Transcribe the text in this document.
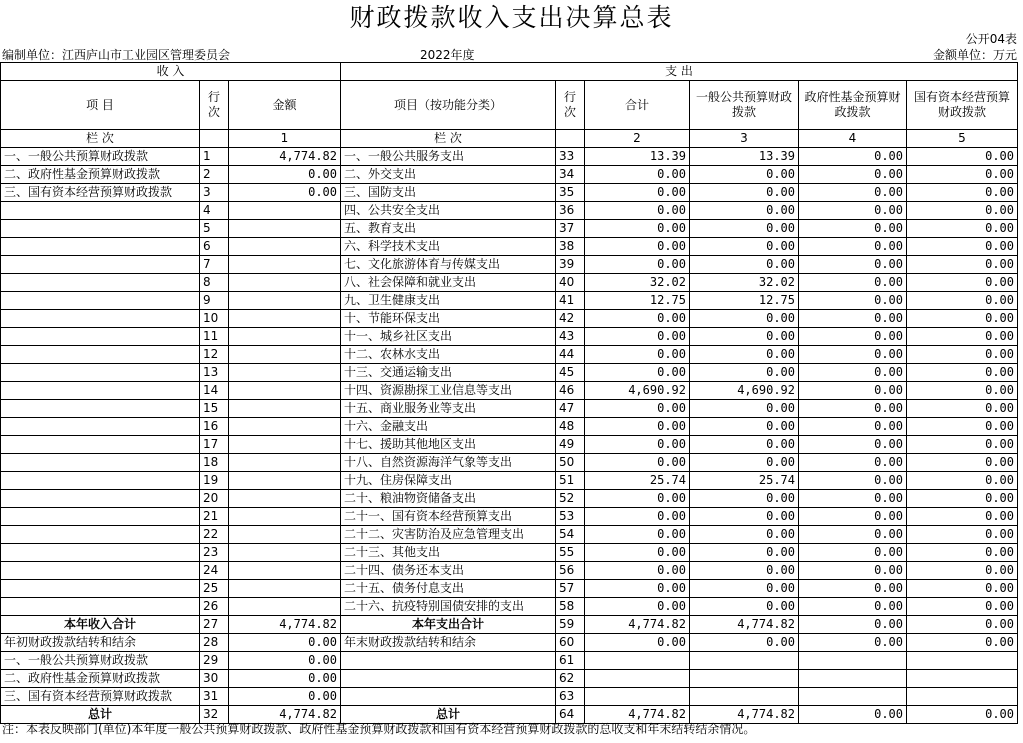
财政拨款收入支出决算总表
公开04表
编制单位：江西庐山市工业园区管理委员会	2022年度	金额单位：万元
收 入			支 出					
项 目	行次	金额	项目（按功能分类）	行次	合计	一般公共预算财政拨款	政府性基金预算财政拨款	国有资本经营预算财政拨款
栏 次		1	栏 次		2	3	4	5
一、一般公共预算财政拨款	1	4,774.82	一、一般公共服务支出	33	13.39	13.39	0.00	0.00
二、政府性基金预算财政拨款	2	0.00	二、外交支出	34	0.00	0.00	0.00	0.00
三、国有资本经营预算财政拨款	3	0.00	三、国防支出	35	0.00	0.00	0.00	0.00
	4		四、公共安全支出	36	0.00	0.00	0.00	0.00
	5		五、教育支出	37	0.00	0.00	0.00	0.00
	6		六、科学技术支出	38	0.00	0.00	0.00	0.00
	7		七、文化旅游体育与传媒支出	39	0.00	0.00	0.00	0.00
	8		八、社会保障和就业支出	40	32.02	32.02	0.00	0.00
	9		九、卫生健康支出	41	12.75	12.75	0.00	0.00
	10		十、节能环保支出	42	0.00	0.00	0.00	0.00
	11		十一、城乡社区支出	43	0.00	0.00	0.00	0.00
	12		十二、农林水支出	44	0.00	0.00	0.00	0.00
	13		十三、交通运输支出	45	0.00	0.00	0.00	0.00
	14		十四、资源勘探工业信息等支出	46	4,690.92	4,690.92	0.00	0.00
	15		十五、商业服务业等支出	47	0.00	0.00	0.00	0.00
	16		十六、金融支出	48	0.00	0.00	0.00	0.00
	17		十七、援助其他地区支出	49	0.00	0.00	0.00	0.00
	18		十八、自然资源海洋气象等支出	50	0.00	0.00	0.00	0.00
	19		十九、住房保障支出	51	25.74	25.74	0.00	0.00
	20		二十、粮油物资储备支出	52	0.00	0.00	0.00	0.00
	21		二十一、国有资本经营预算支出	53	0.00	0.00	0.00	0.00
	22		二十二、灾害防治及应急管理支出	54	0.00	0.00	0.00	0.00
	23		二十三、其他支出	55	0.00	0.00	0.00	0.00
	24		二十四、债务还本支出	56	0.00	0.00	0.00	0.00
	25		二十五、债务付息支出	57	0.00	0.00	0.00	0.00
	26		二十六、抗疫特别国债安排的支出	58	0.00	0.00	0.00	0.00
本年收入合计	27	4,774.82	本年支出合计	59	4,774.82	4,774.82	0.00	0.00
年初财政拨款结转和结余	28	0.00	年末财政拨款结转和结余	60	0.00	0.00	0.00	0.00
一、一般公共预算财政拨款	29	0.00		61				
二、政府性基金预算财政拨款	30	0.00		62				
三、国有资本经营预算财政拨款	31	0.00		63				
总计	32	4,774.82	总计	64	4,774.82	4,774.82	0.00	0.00
注：本表反映部门(单位)本年度一般公共预算财政拨款、政府性基金预算财政拨款和国有资本经营预算财政拨款的总收支和年末结转结余情况。
